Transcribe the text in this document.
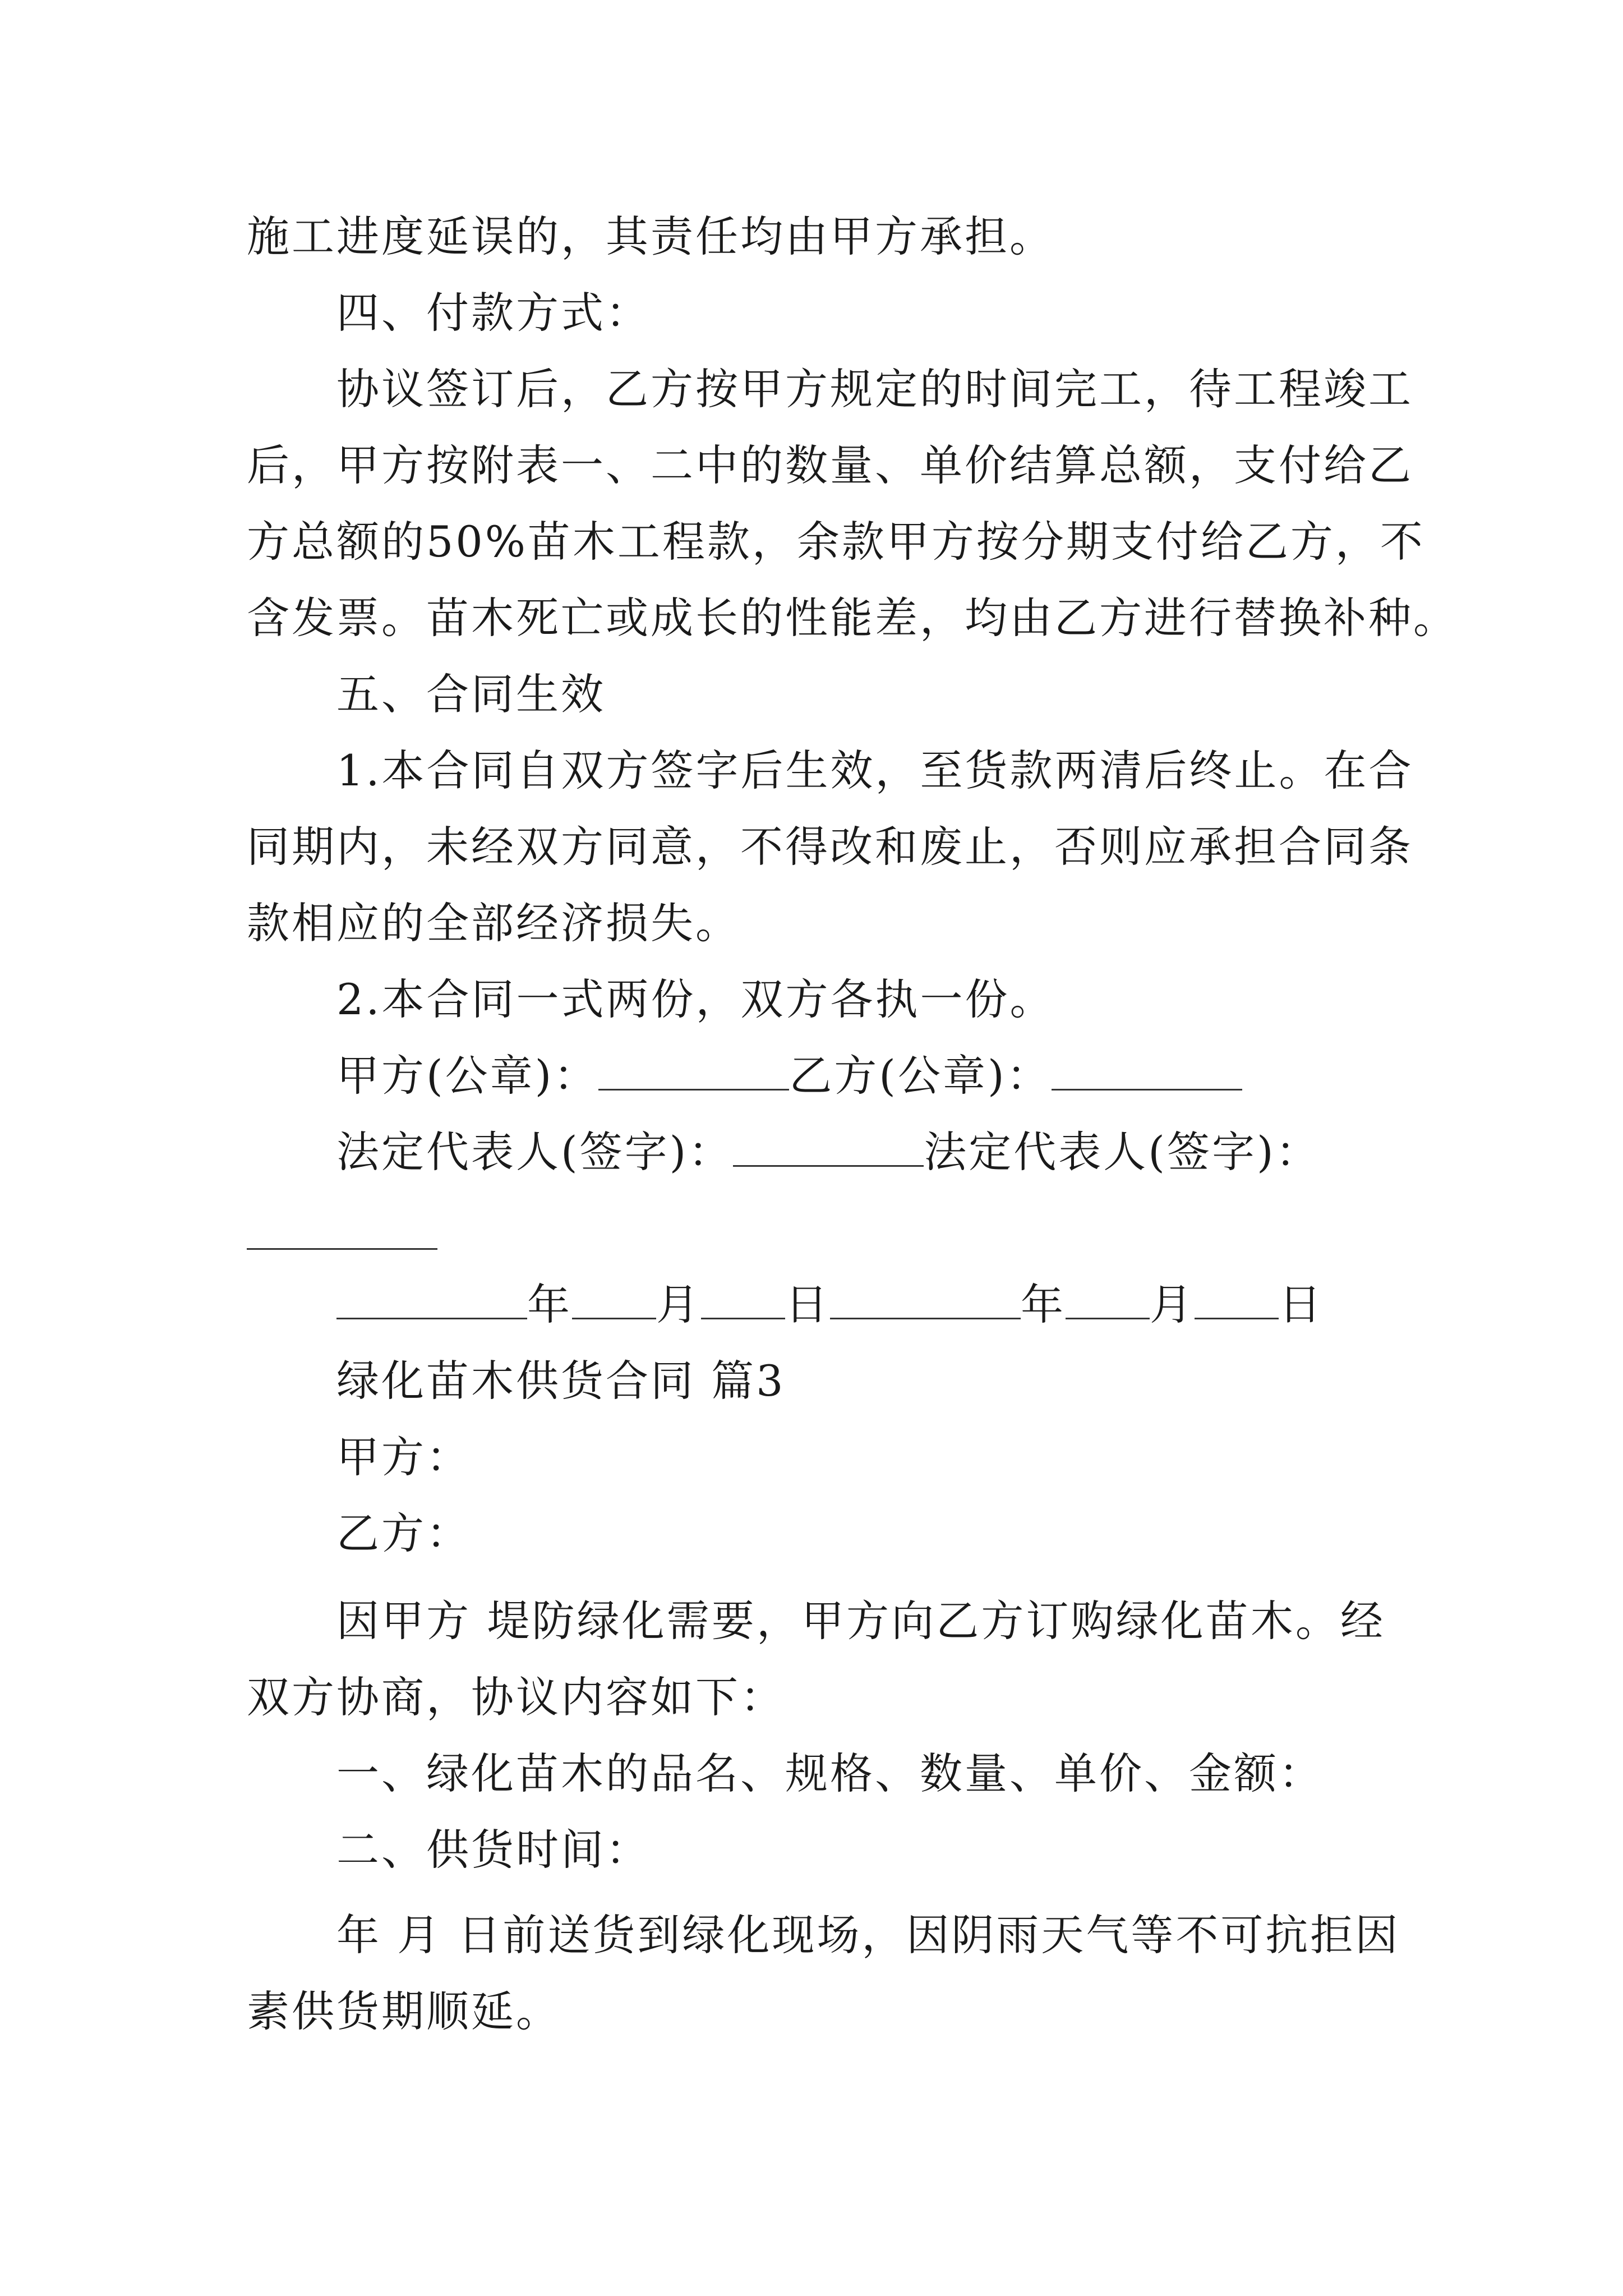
施工进度延误的，其责任均由甲方承担。
四、付款方式：
协议签订后，乙方按甲方规定的时间完工，待工程竣工
后，甲方按附表一、二中的数量、单价结算总额，支付给乙
方总额的50%苗木工程款，余款甲方按分期支付给乙方，不
含发票。苗木死亡或成长的性能差，均由乙方进行替换补种。
五、合同生效
1.本合同自双方签字后生效，至货款两清后终止。在合
同期内，未经双方同意，不得改和废止，否则应承担合同条
款相应的全部经济损失。
2.本合同一式两份，双方各执一份。
甲方(公章)：	乙方(公章)：
法定代表人(签字)：	法定代表人(签字)：
年 月 日	年 月 日
绿化苗木供货合同 篇3
甲方：
乙方：
因甲方 堤防绿化需要，甲方向乙方订购绿化苗木。经
双方协商，协议内容如下：
一、绿化苗木的品名、规格、数量、单价、金额：
二、供货时间：
年 月 日前送货到绿化现场，因阴雨天气等不可抗拒因
素供货期顺延。
